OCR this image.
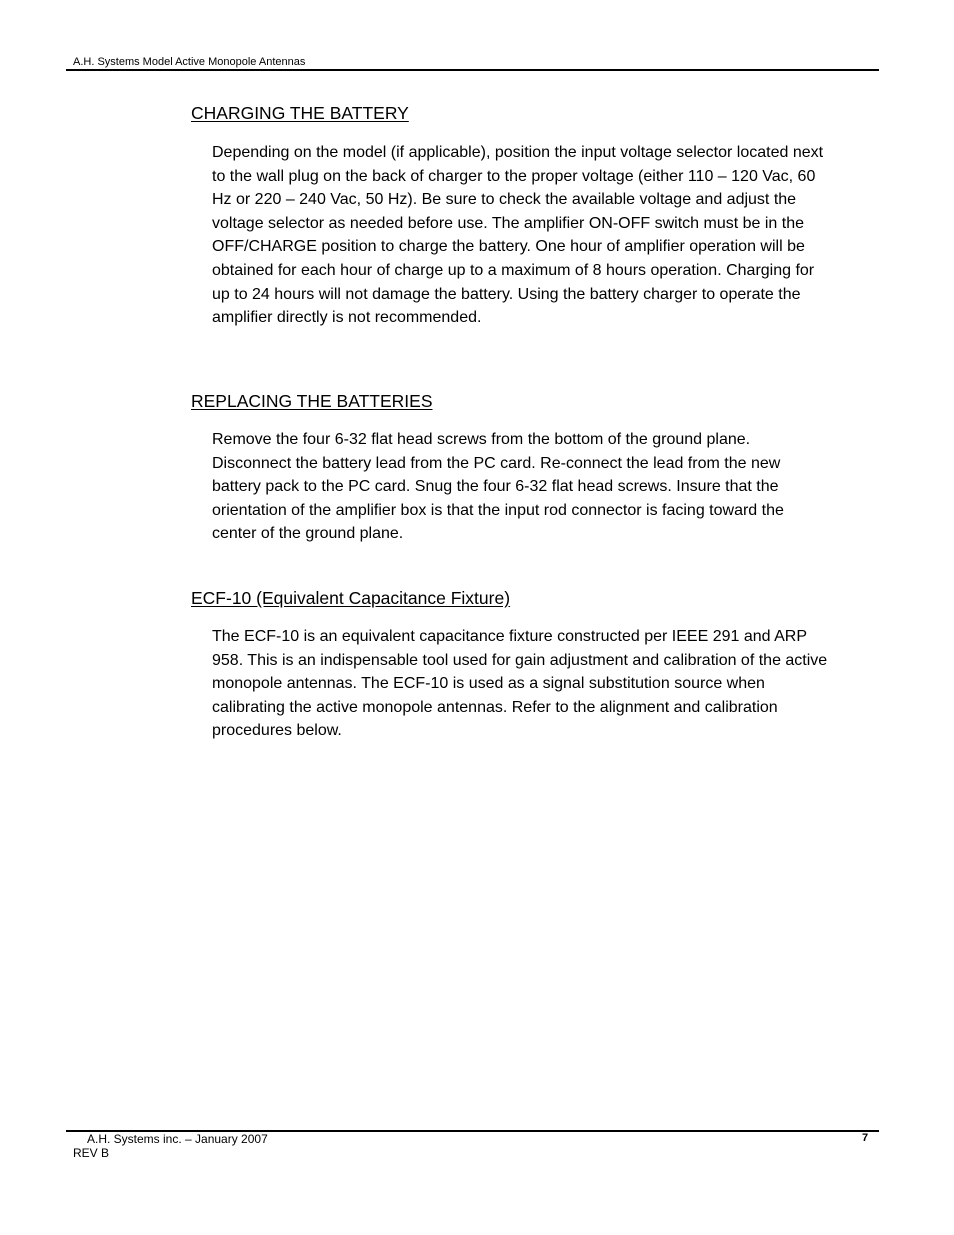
A.H. Systems Model Active Monopole Antennas
CHARGING THE BATTERY

Depending on the model (if applicable), position the input voltage selector located next to the wall plug on the back of charger to the proper voltage (either 110 – 120 Vac, 60 Hz or 220 – 240 Vac, 50 Hz). Be sure to check the available voltage and adjust the voltage selector as needed before use. The amplifier ON-OFF switch must be in the OFF/CHARGE position to charge the battery. One hour of amplifier operation will be obtained for each hour of charge up to a maximum of 8 hours operation. Charging for up to 24 hours will not damage the battery. Using the battery charger to operate the amplifier directly is not recommended.

REPLACING THE BATTERIES

Remove the four 6-32 flat head screws from the bottom of the ground plane. Disconnect the battery lead from the PC card. Re-connect the lead from the new battery pack to the PC card. Snug the four 6-32 flat head screws. Insure that the orientation of the amplifier box is that the input rod connector is facing toward the center of the ground plane.

ECF-10 (Equivalent Capacitance Fixture)

The ECF-10 is an equivalent capacitance fixture constructed per IEEE 291 and ARP 958. This is an indispensable tool used for gain adjustment and calibration of the active monopole antennas. The ECF-10 is used as a signal substitution source when calibrating the active monopole antennas. Refer to the alignment and calibration procedures below.

A.H. Systems inc. – January 2007
REV B
7
